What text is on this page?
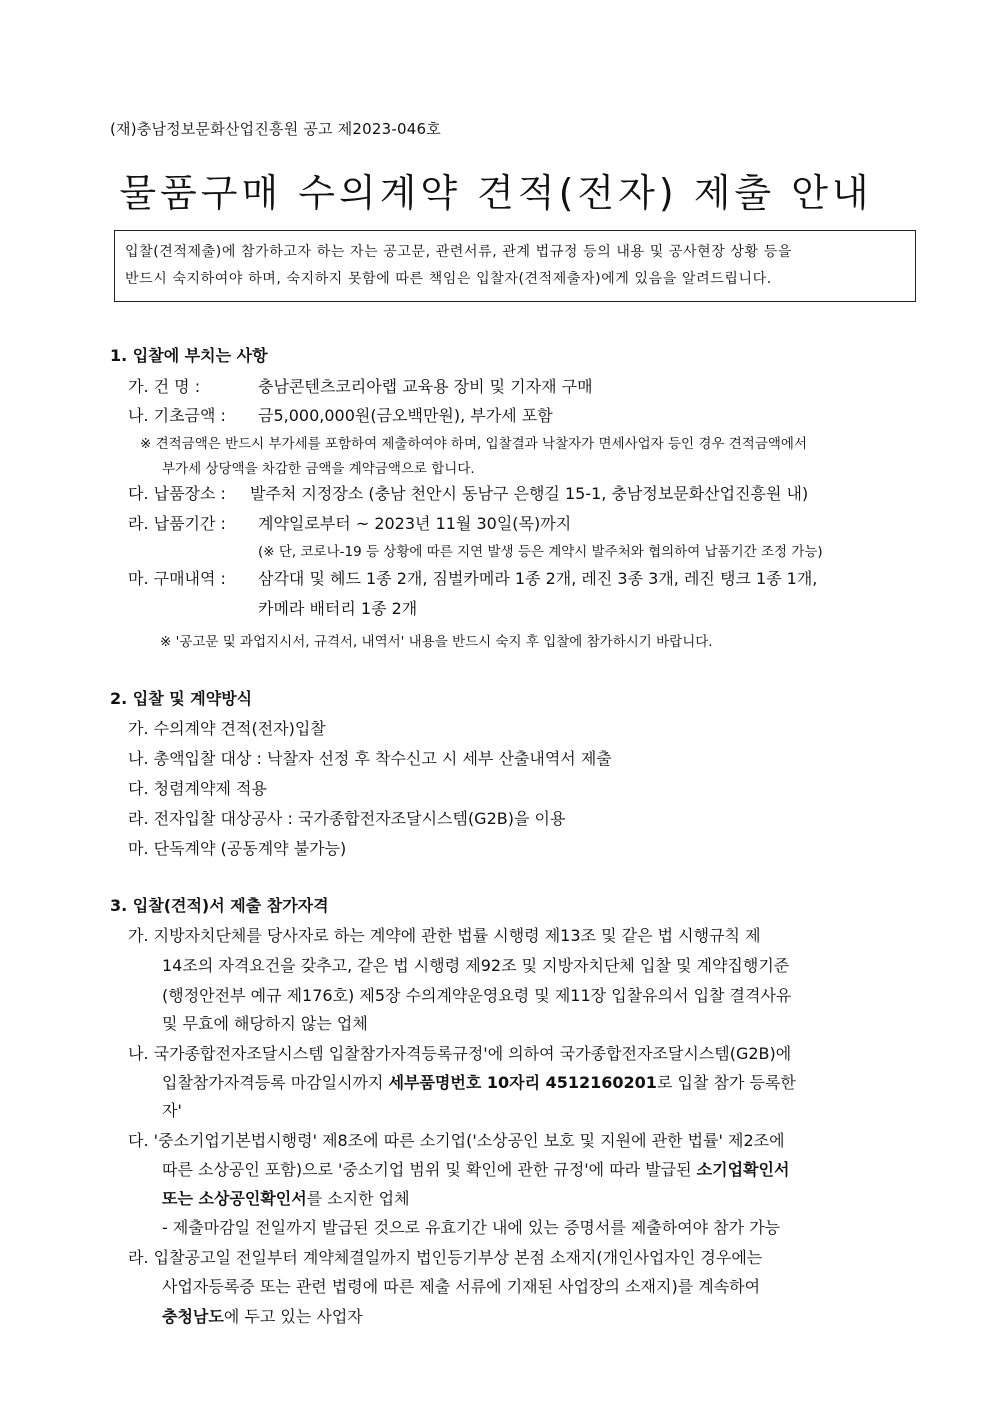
(재)충남정보문화산업진흥원 공고 제2023-046호
물품구매 수의계약 견적(전자) 제출 안내

입찰(견적제출)에 참가하고자 하는 자는 공고문, 관련서류, 관계 법규정 등의 내용 및 공사현장 상황 등을

반드시 숙지하여야 하며, 숙지하지 못함에 따른 책임은 입찰자(견적제출자)에게 있음을 알려드립니다.

1. 입찰에 부치는 사항
가. 건 명 :	충남콘텐츠코리아랩 교육용 장비 및 기자재 구매
나. 기초금액 : 금5,000,000원(금오백만원), 부가세 포함
※ 견적금액은 반드시 부가세를 포함하여 제출하여야 하며, 입찰결과 낙찰자가 면세사업자 등인 경우 견적금액에서
부가세 상당액을 차감한 금액을 계약금액으로 합니다.
다. 납품장소 : 발주처 지정장소 (충남 천안시 동남구 은행길 15-1, 충남정보문화산업진흥원 내)
라. 납품기간 : 계약일로부터 ~ 2023년 11월 30일(목)까지
(※ 단, 코로나-19 등 상황에 따른 지연 발생 등은 계약시 발주처와 협의하여 납품기간 조정 가능)
마. 구매내역 : 삼각대 및 헤드 1종 2개, 짐벌카메라 1종 2개, 레진 3종 3개, 레진 탱크 1종 1개,
카메라 배터리 1종 2개
※ '공고문 및 과업지시서, 규격서, 내역서' 내용을 반드시 숙지 후 입찰에 참가하시기 바랍니다.
2. 입찰 및 계약방식
가. 수의계약 견적(전자)입찰
나. 총액입찰 대상 : 낙찰자 선정 후 착수신고 시 세부 산출내역서 제출
다. 청렴계약제 적용
라. 전자입찰 대상공사 : 국가종합전자조달시스템(G2B)을 이용
마. 단독계약 (공동계약 불가능)
3. 입찰(견적)서 제출 참가자격
가. 지방자치단체를 당사자로 하는 계약에 관한 법률 시행령 제13조 및 같은 법 시행규칙 제
14조의 자격요건을 갖추고, 같은 법 시행령 제92조 및 지방자치단체 입찰 및 계약집행기준
(행정안전부 예규 제176호) 제5장 수의계약운영요령 및 제11장 입찰유의서 입찰 결격사유
및 무효에 해당하지 않는 업체
나. 국가종합전자조달시스템 입찰참가자격등록규정'에 의하여 국가종합전자조달시스템(G2B)에
입찰참가자격등록 마감일시까지 세부품명번호 10자리 4512160201로 입찰 참가 등록한
자'
다. '중소기업기본법시행령' 제8조에 따른 소기업('소상공인 보호 및 지원에 관한 법률' 제2조에
따른 소상공인 포함)으로 '중소기업 범위 및 확인에 관한 규정'에 따라 발급된 소기업확인서
또는 소상공인확인서를 소지한 업체
- 제출마감일 전일까지 발급된 것으로 유효기간 내에 있는 증명서를 제출하여야 참가 가능
라. 입찰공고일 전일부터 계약체결일까지 법인등기부상 본점 소재지(개인사업자인 경우에는
사업자등록증 또는 관련 법령에 따른 제출 서류에 기재된 사업장의 소재지)를 계속하여
충청남도에 두고 있는 사업자
